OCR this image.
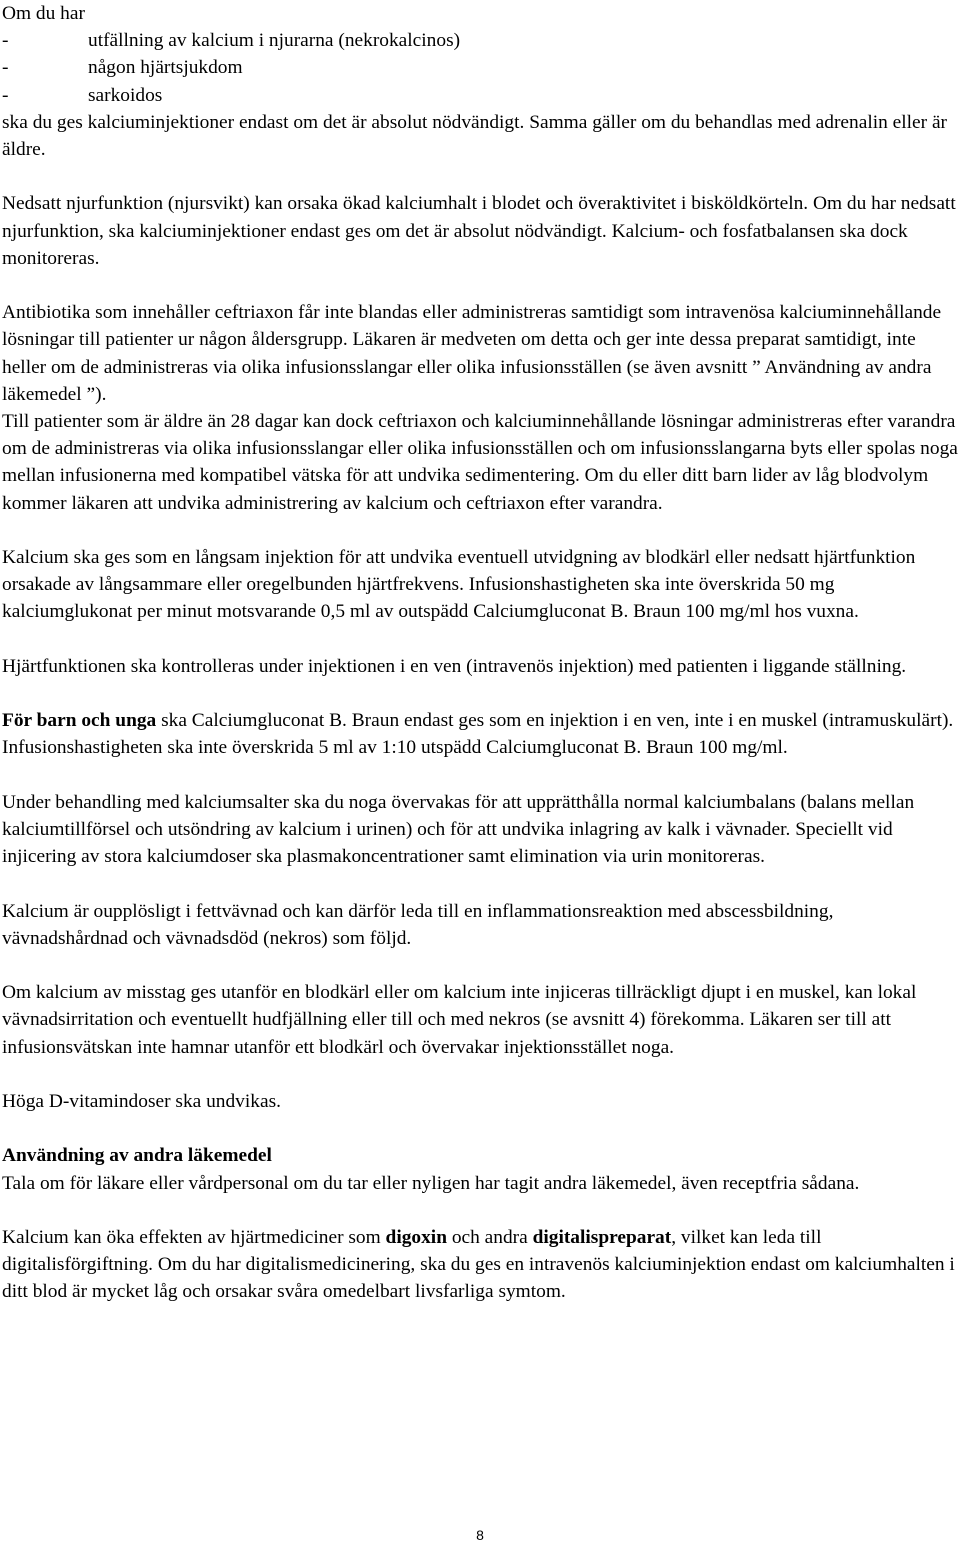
Om du har

-	utfällning av kalcium i njurarna (nekrokalcinos)

-	någon hjärtsjukdom

-	sarkoidos

ska du ges kalciuminjektioner endast om det är absolut nödvändigt. Samma gäller om du behandlas med adrenalin eller är äldre.

Nedsatt njurfunktion (njursvikt) kan orsaka ökad kalciumhalt i blodet och överaktivitet i bisköldkörteln. Om du har nedsatt njurfunktion, ska kalciuminjektioner endast ges om det är absolut nödvändigt. Kalcium- och fosfatbalansen ska dock monitoreras.

Antibiotika som innehåller ceftriaxon får inte blandas eller administreras samtidigt som intravenösa kalciuminnehållande lösningar till patienter ur någon åldersgrupp. Läkaren är medveten om detta och ger inte dessa preparat samtidigt, inte heller om de administreras via olika infusionsslangar eller olika infusionsställen (se även avsnitt ” Användning av andra läkemedel ”).

Till patienter som är äldre än 28 dagar kan dock ceftriaxon och kalciuminnehållande lösningar administreras efter varandra om de administreras via olika infusionsslangar eller olika infusionsställen och om infusionsslangarna byts eller spolas noga mellan infusionerna med kompatibel vätska för att undvika sedimentering. Om du eller ditt barn lider av låg blodvolym kommer läkaren att undvika administrering av kalcium och ceftriaxon efter varandra.

Kalcium ska ges som en långsam injektion för att undvika eventuell utvidgning av blodkärl eller nedsatt hjärtfunktion orsakade av långsammare eller oregelbunden hjärtfrekvens. Infusionshastigheten ska inte överskrida 50 mg kalciumglukonat per minut motsvarande 0,5 ml av outspädd Calciumgluconat B. Braun 100 mg/ml hos vuxna.

Hjärtfunktionen ska kontrolleras under injektionen i en ven (intravenös injektion) med patienten i liggande ställning.

För barn och unga ska Calciumgluconat B. Braun endast ges som en injektion i en ven, inte i en muskel (intramuskulärt). Infusionshastigheten ska inte överskrida 5 ml av 1:10 utspädd Calciumgluconat B. Braun 100 mg/ml.

Under behandling med kalciumsalter ska du noga övervakas för att upprätthålla normal kalciumbalans (balans mellan kalciumtillförsel och utsöndring av kalcium i urinen) och för att undvika inlagring av kalk i vävnader. Speciellt vid injicering av stora kalciumdoser ska plasmakoncentrationer samt elimination via urin monitoreras.

Kalcium är oupplösligt i fettvävnad och kan därför leda till en inflammationsreaktion med abscessbildning, vävnadshårdnad och vävnadsdöd (nekros) som följd.

Om kalcium av misstag ges utanför en blodkärl eller om kalcium inte injiceras tillräckligt djupt i en muskel, kan lokal vävnadsirritation och eventuellt hudfjällning eller till och med nekros (se avsnitt 4) förekomma. Läkaren ser till att infusionsvätskan inte hamnar utanför ett blodkärl och övervakar injektionsstället noga.

Höga D-vitamindoser ska undvikas.

Användning av andra läkemedel

Tala om för läkare eller vårdpersonal om du tar eller nyligen har tagit andra läkemedel, även receptfria sådana.

Kalcium kan öka effekten av hjärtmediciner som digoxin och andra digitalispreparat, vilket kan leda till digitalisförgiftning. Om du har digitalismedicinering, ska du ges en intravenös kalciuminjektion endast om kalciumhalten i ditt blod är mycket låg och orsakar svåra omedelbart livsfarliga symtom.

8
